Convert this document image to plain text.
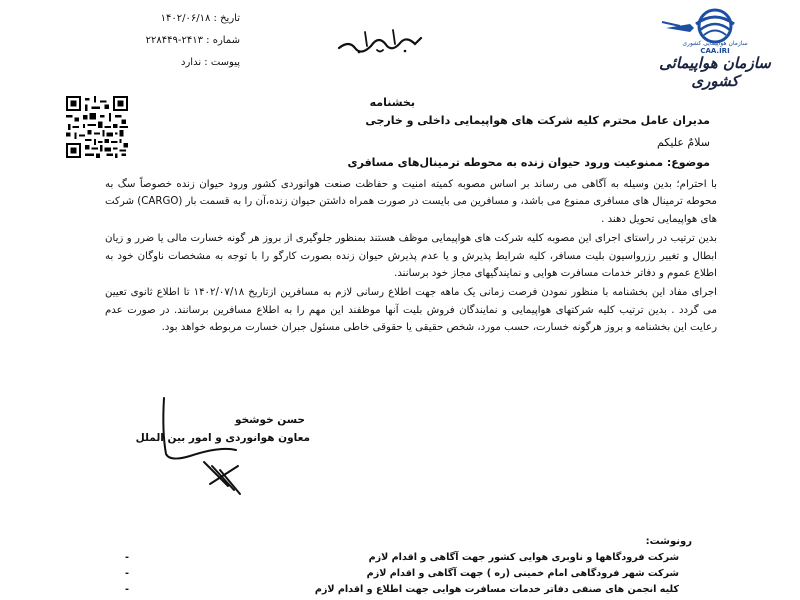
تاریخ : ۱۴۰۲/۰۶/۱۸
شماره : ۲۴۱۳-۲۲۸۴۴۹
پیوست : ندارد
سازمان هواپیمایی کشوری
CAA.IRI
سازمان هواپیمائی کشوری
بخشنامه
مدیران عامل محترم کلیه شرکت های هواپیمایی داخلی و خارجی
سلامٌ علیکم
موضوع: ممنوعیت ورود حیوان زنده به محوطه ترمینال‌های مسافری

با احترام؛ بدین وسیله به آگاهی می رساند بر اساس مصوبه کمیته امنیت و حفاظت صنعت هوانوردی کشور ورود حیوان زنده خصوصاً سگ به محوطه ترمینال های مسافری ممنوع می باشد، و مسافرین می بایست در صورت همراه داشتن حیوان زنده،آن را به قسمت بار (CARGO) شرکت های هواپیمایی تحویل دهند .

بدین ترتیب در راستای اجرای این مصوبه کلیه شرکت های هواپیمایی موظف هستند بمنظور جلوگیری از بروز هر گونه خسارت مالی یا ضرر و زیان ابطال و تغییر رزرواسیون بلیت مسافر، کلیه شرایط پذیرش و یا عدم پذیرش حیوان زنده بصورت کارگو را با توجه به مشخصات ناوگان خود به اطلاع عموم و دفاتر خدمات مسافرت هوایی و نمایندگیهای مجاز خود برسانند.

اجرای مفاد این بخشنامه با منظور نمودن فرصت زمانی یک ماهه جهت اطلاع رسانی لازم به مسافرین ازتاریخ ۱۴۰۲/۰۷/۱۸ تا اطلاع ثانوی تعیین می گردد . بدین ترتیب کلیه شرکتهای هواپیمایی و نمایندگان فروش بلیت آنها موظفند این مهم را به اطلاع مسافرین برسانند. در صورت عدم رعایت این بخشنامه و بروز هرگونه خسارت، حسب مورد، شخص حقیقی یا حقوقی خاطی مسئول جبران خسارت مربوطه خواهد بود.

حسن خوشخو
معاون هوانوردی و امور بین الملل
رونوشت:
شرکت فرودگاهها و ناوبری هوایی کشور جهت آگاهی و اقدام لازم
-
شرکت شهر فرودگاهی امام خمینی (ره ) جهت آگاهی و اقدام لازم
-
کلیه انجمن های صنفی دفاتر خدمات مسافرت هوایی جهت اطلاع و اقدام لازم
-
